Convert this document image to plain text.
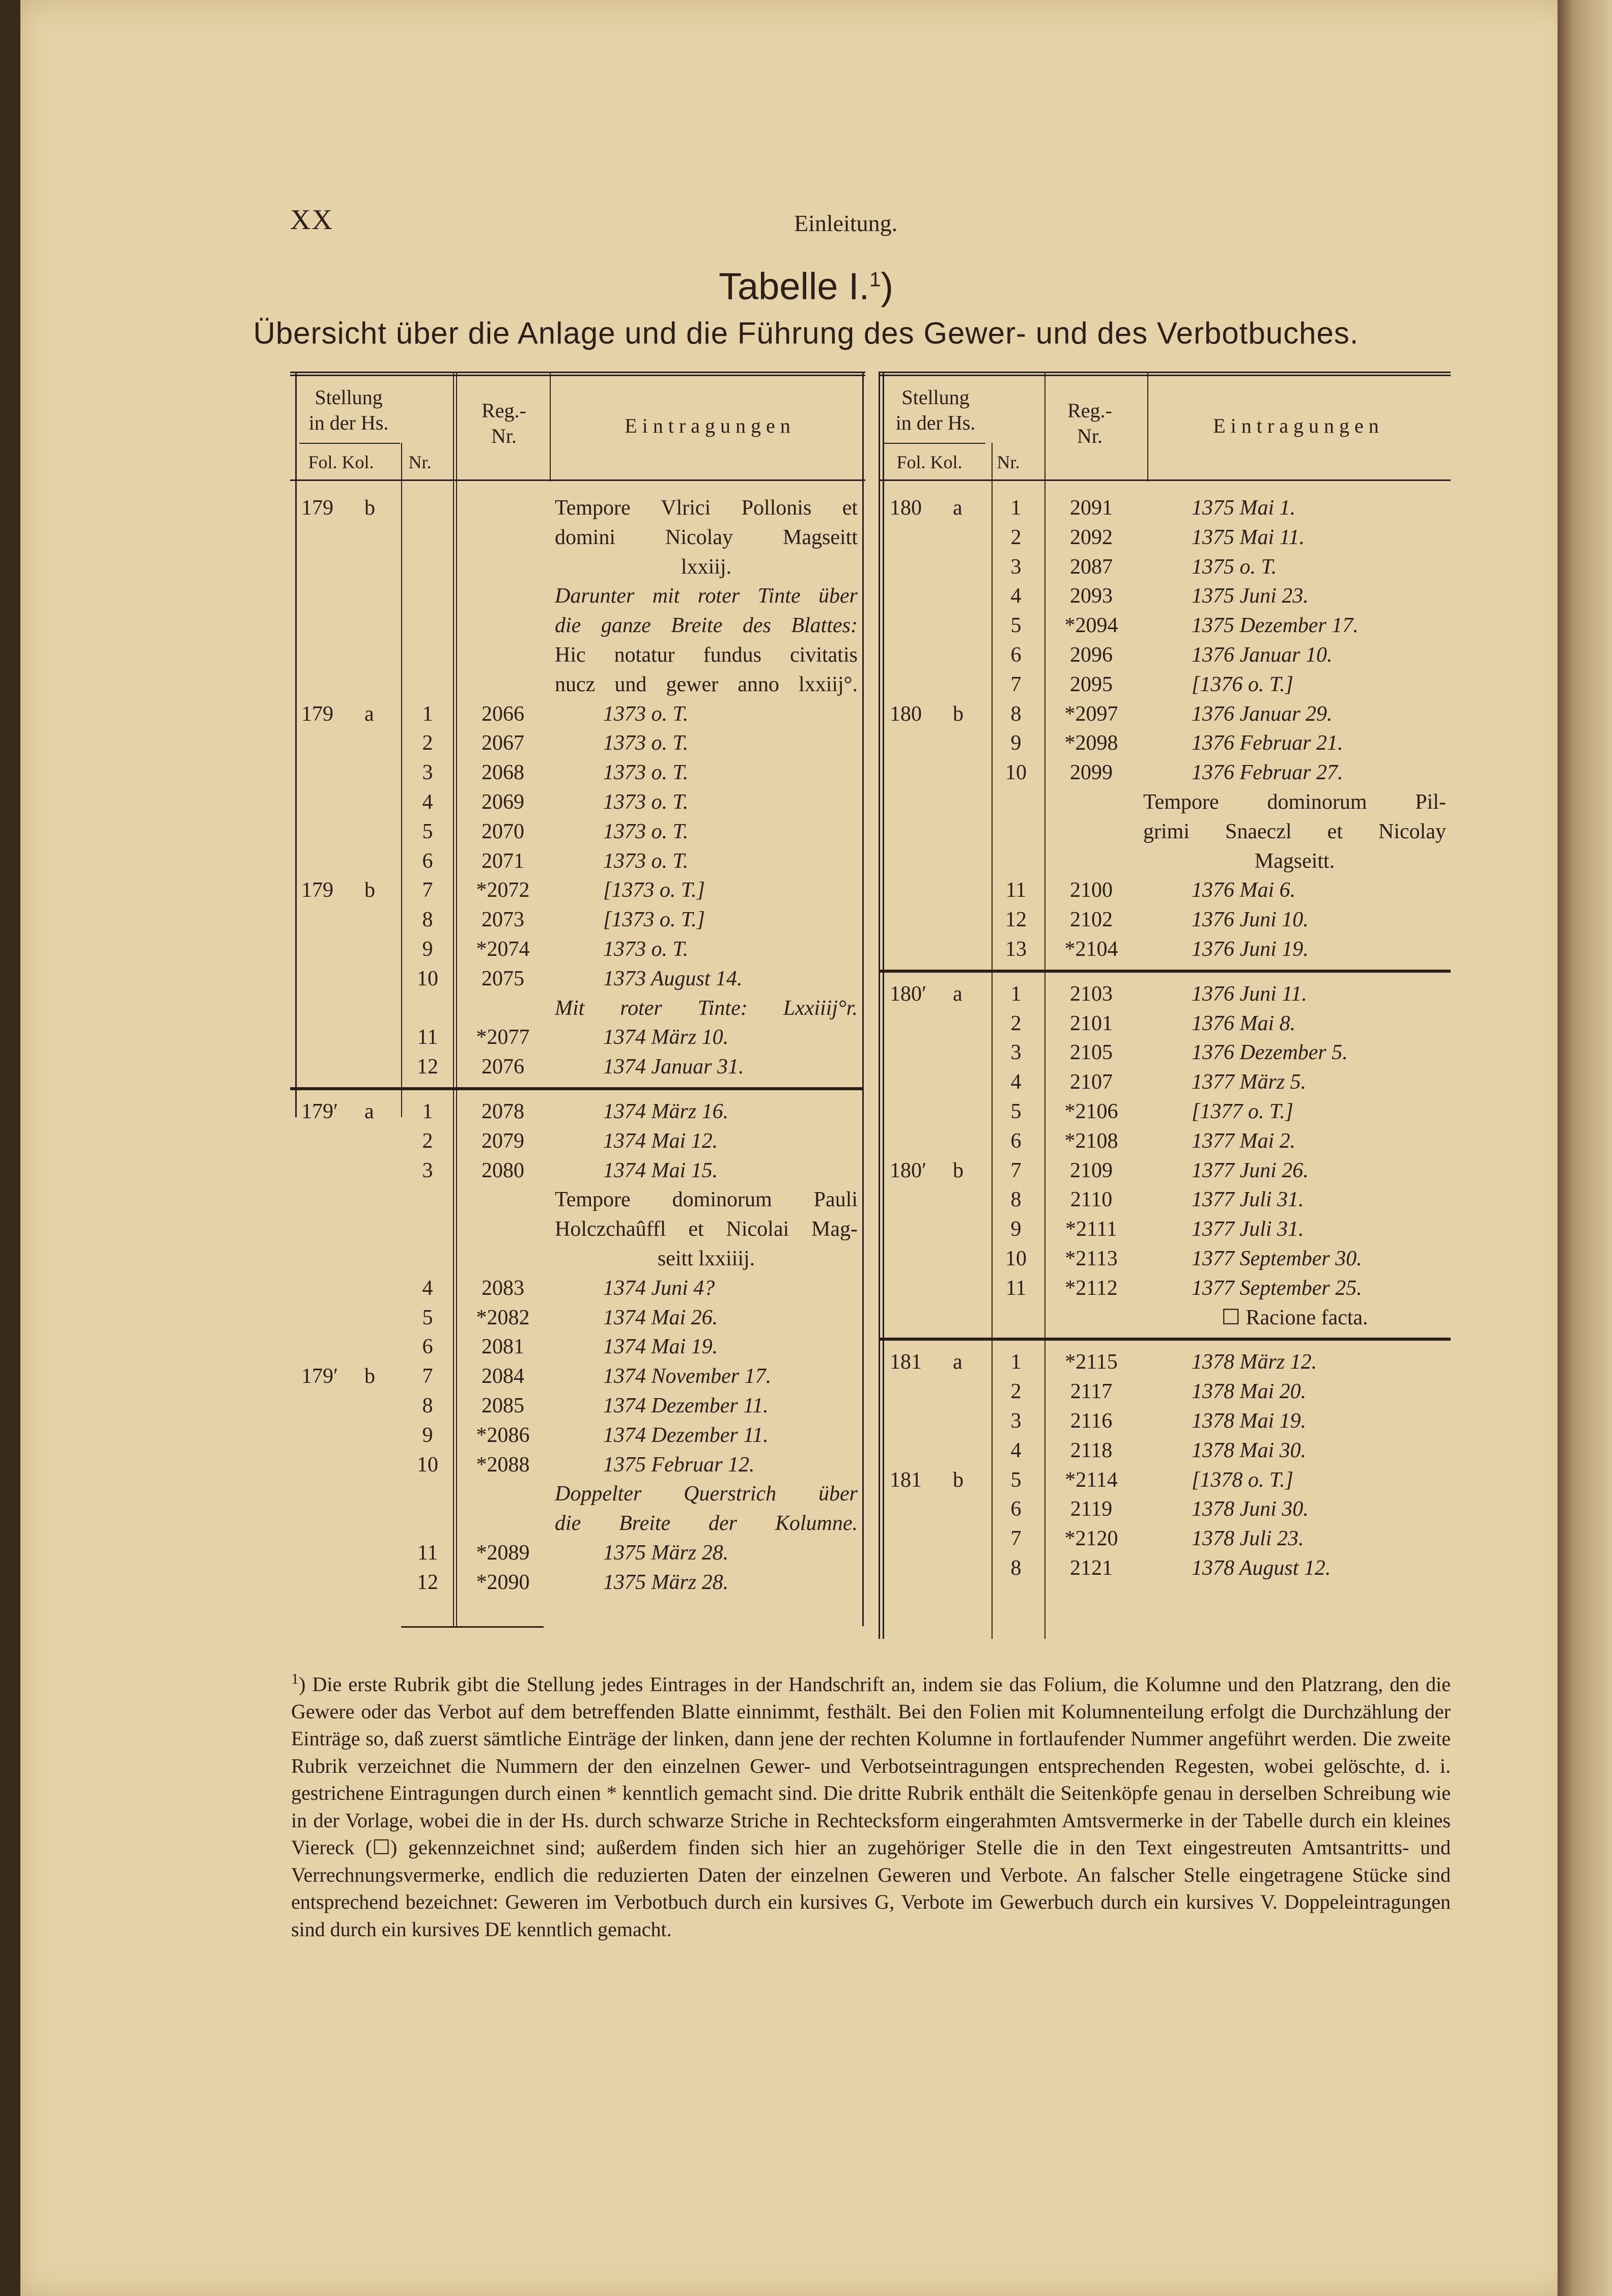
XX	Einleitung.
Tabelle I.$^1$)
Übersicht über die Anlage und die Führung des Gewer- und des Verbotbuches.
Stellung
in der Hs.
Fol. Kol.	Nr.
Reg.-
Nr.	E i n t r a g u n g e n
179	b	Tempore Vlrici Pollonis et
domini Nicolay Magseitt
lxxiij.
Darunter mit roter Tinte über
die ganze Breite des Blattes:
Hic notatur fundus civitatis
nucz und gewer anno lxxiij°.
179	a	1	2066	1373 o. T.
2	2067	1373 o. T.
3	2068	1373 o. T.
4	2069	1373 o. T.
5	2070	1373 o. T.
6	2071	1373 o. T.
179	b	7	*2072	[1373 o. T.]
8	2073	[1373 o. T.]
9	*2074	1373 o. T.
10	2075	1373 August 14.
Mit roter Tinte: Lxxiiij°r.
11	*2077	1374 März 10.
12	2076	1374 Januar 31.
179′	a	1	2078	1374 März 16.
2	2079	1374 Mai 12.
3	2080	1374 Mai 15.
Tempore dominorum Pauli
Holczchaûffl et Nicolai Mag-
seitt lxxiiij.
4	2083	1374 Juni 4?
5	*2082	1374 Mai 26.
6	2081	1374 Mai 19.
179′	b	7	2084	1374 November 17.
8	2085	1374 Dezember 11.
9	*2086	1374 Dezember 11.
10	*2088	1375 Februar 12.
Doppelter Querstrich über
die Breite der Kolumne.
11	*2089	1375 März 28.
12	*2090	1375 März 28.
Stellung
in der Hs.
Fol. Kol.	Nr.
Reg.-
Nr.	E i n t r a g u n g e n
180	a	1	2091	1375 Mai 1.
2	2092	1375 Mai 11.
3	2087	1375 o. T.
4	2093	1375 Juni 23.
5	*2094	1375 Dezember 17.
6	2096	1376 Januar 10.
7	2095	[1376 o. T.]
180	b	8	*2097	1376 Januar 29.
9	*2098	1376 Februar 21.
10	2099	1376 Februar 27.
Tempore dominorum Pil-
grimi Snaeczl et Nicolay
Magseitt.
11	2100	1376 Mai 6.
12	2102	1376 Juni 10.
13	*2104	1376 Juni 19.
180′	a	1	2103	1376 Juni 11.
2	2101	1376 Mai 8.
3	2105	1376 Dezember 5.
4	2107	1377 März 5.
5	*2106	[1377 o. T.]
6	*2108	1377 Mai 2.
180′	b	7	2109	1377 Juni 26.
8	2110	1377 Juli 31.
9	*2111	1377 Juli 31.
10	*2113	1377 September 30.
11	*2112	1377 September 25.
☐ Racione facta.
181	a	1	*2115	1378 März 12.
2	2117	1378 Mai 20.
3	2116	1378 Mai 19.
4	2118	1378 Mai 30.
181	b	5	*2114	[1378 o. T.]
6	2119	1378 Juni 30.
7	*2120	1378 Juli 23.
8	2121	1378 August 12.
$^1$) Die erste Rubrik gibt die Stellung jedes Eintrages in der Handschrift an, indem sie das Folium, die Kolumne und den Platzrang, den die Gewere oder das Verbot auf dem betreffenden Blatte einnimmt, festhält. Bei den Folien mit Kolumnenteilung erfolgt die Durchzählung der Einträge so, daß zuerst sämtliche Einträge der linken, dann jene der rechten Kolumne in fortlaufender Nummer angeführt werden. Die zweite Rubrik verzeichnet die Nummern der den einzelnen Gewer- und Verbotseintragungen entsprechenden Regesten, wobei gelöschte, d. i. gestrichene Eintragungen durch einen * kenntlich gemacht sind. Die dritte Rubrik enthält die Seitenköpfe genau in derselben Schreibung wie in der Vorlage, wobei die in der Hs. durch schwarze Striche in Rechtecksform eingerahmten Amtsvermerke in der Tabelle durch ein kleines Viereck (☐) gekennzeichnet sind; außerdem finden sich hier an zugehöriger Stelle die in den Text eingestreuten Amtsantritts- und Verrechnungsvermerke, endlich die reduzierten Daten der einzelnen Geweren und Verbote. An falscher Stelle eingetragene Stücke sind entsprechend bezeichnet: Geweren im Verbotbuch durch ein kursives G, Verbote im Gewerbuch durch ein kursives V. Doppeleintragungen sind durch ein kursives DE kenntlich gemacht.
